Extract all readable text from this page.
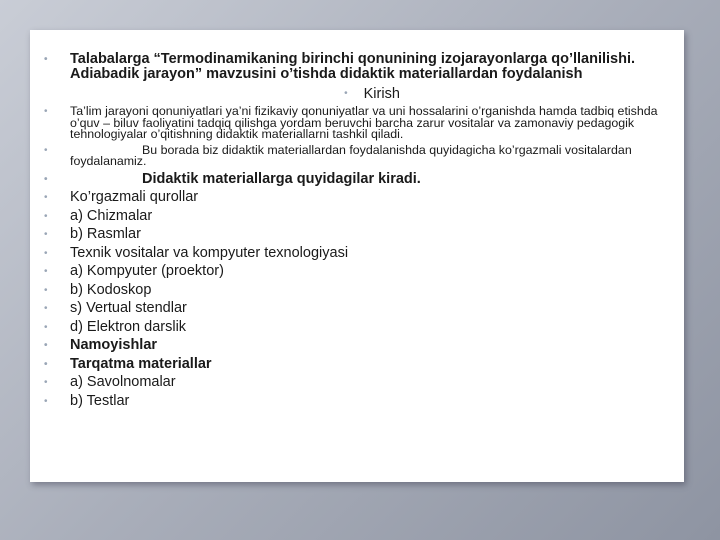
• Talabalarga “Termodinamikaning birinchi qonunining izojarayonlarga qo’llanilishi. Adiabadik jarayon” mavzusini o’tishda didaktik materiallardan foydalanish
• Kirish
• Ta’lim jarayoni qonuniyatlari ya’ni fizikaviy qonuniyatlar va uni hossalarini o’rganishda hamda tadbiq etishda o’quv – biluv faoliyatini tadqiq qilishga yordam beruvchi barcha zarur vositalar va zamonaviy pedagogik tehnologiyalar o’qitishning didaktik materiallarni tashkil qiladi.
•	Bu borada biz didaktik materiallardan foydalanishda quyidagicha ko’rgazmali vositalardan foydalanamiz.
•	Didaktik materiallarga quyidagilar kiradi.
• Ko’rgazmali qurollar
• a) Chizmalar
• b) Rasmlar
• Texnik vositalar va kompyuter texnologiyasi
• a) Kompyuter (proektor)
• b) Kodoskop
• s) Vertual stendlar
• d) Elektron darslik
• Namoyishlar
• Tarqatma materiallar
• a) Savolnomalar
• b) Testlar
